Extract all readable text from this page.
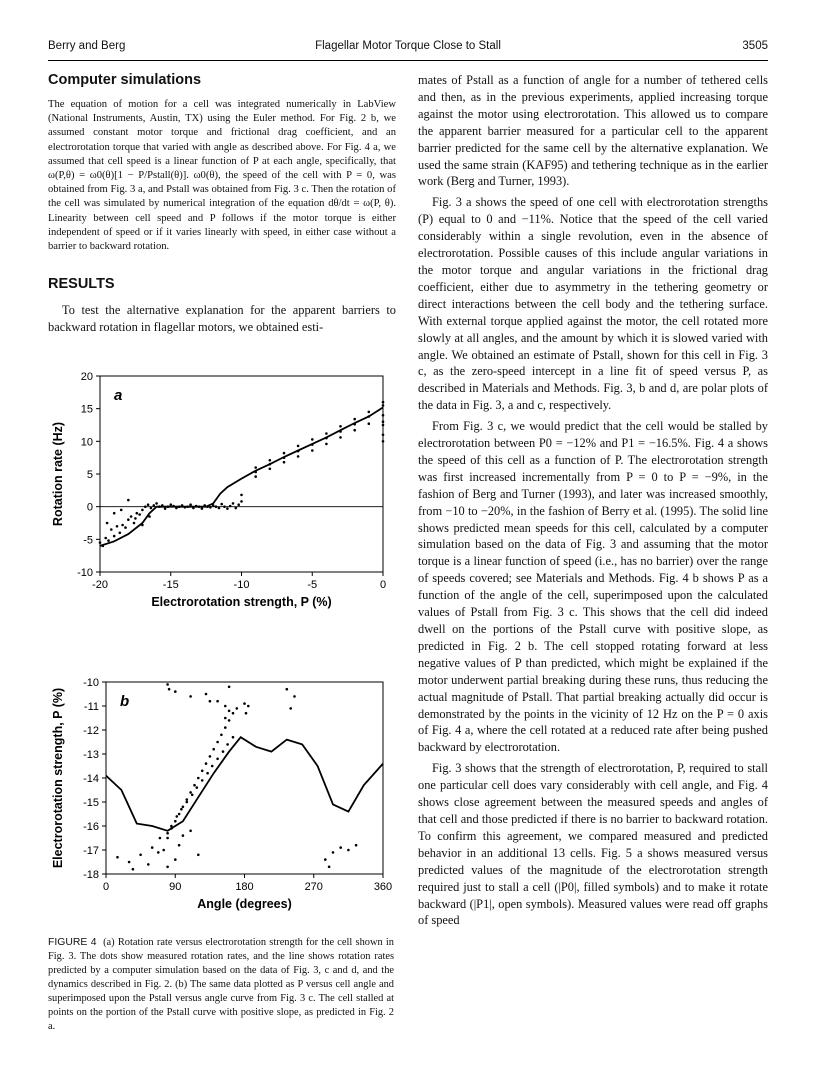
Berry and Berg	Flagellar Motor Torque Close to Stall	3505
Computer simulations

The equation of motion for a cell was integrated numerically in LabView (National Instruments, Austin, TX) using the Euler method. For Fig. 2 b, we assumed constant motor torque and frictional drag coefficient, and an electrorotation torque that varied with angle as described above. For Fig. 4 a, we assumed that cell speed is a linear function of P at each angle, specifically, that ω(P,θ) = ω0(θ)[1 − P/Pstall(θ)]. ω0(θ), the speed of the cell with P = 0, was obtained from Fig. 3 a, and Pstall was obtained from Fig. 3 c. Then the rotation of the cell was simulated by numerical integration of the equation dθ/dt = ω(P, θ). Linearity between cell speed and P follows if the motor torque is either independent of speed or if it varies linearly with speed, in either case without a barrier to backward rotation.

RESULTS

To test the alternative explanation for the apparent barriers to backward rotation in flagellar motors, we obtained esti-

-20	-15	-10	-5	0
-10
-5
0
5
10
15
20
Electrorotation strength, P (%)
Rotation rate (Hz)
a
0	90	180	270	360
-10
-11
-12
-13
-14
-15
-16
-17
-18
Angle (degrees)
Electrorotation strength, P (%)	b

FIGURE 4 (a) Rotation rate versus electrorotation strength for the cell shown in Fig. 3. The dots show measured rotation rates, and the line shows rotation rates predicted by a computer simulation based on the data of Fig. 3, c and d, and the dynamics described in Fig. 2. (b) The same data plotted as P versus cell angle and superimposed upon the Pstall versus angle curve from Fig. 3 c. The cell stalled at points on the portion of the Pstall curve with positive slope, as predicted in Fig. 2 a.

mates of Pstall as a function of angle for a number of tethered cells and then, as in the previous experiments, applied increasing torque against the motor using electrorotation. This allowed us to compare the apparent barrier measured for a particular cell to the apparent barrier predicted for the same cell by the alternative explanation. We used the same strain (KAF95) and tethering technique as in the earlier work (Berg and Turner, 1993).

Fig. 3 a shows the speed of one cell with electrorotation strengths (P) equal to 0 and −11%. Notice that the speed of the cell varied considerably within a single revolution, even in the absence of electrorotation. Possible causes of this include angular variations in the motor torque and angular variations in the frictional drag coefficient, either due to asymmetry in the tethering geometry or direct interactions between the cell body and the tethering surface. With external torque applied against the motor, the cell rotated more slowly at all angles, and the amount by which it is slowed varied with angle. We obtained an estimate of Pstall, shown for this cell in Fig. 3 c, as the zero-speed intercept in a line fit of speed versus P, as described in Materials and Methods. Fig. 3, b and d, are polar plots of the data in Fig. 3, a and c, respectively.

From Fig. 3 c, we would predict that the cell would be stalled by electrorotation between P0 = −12% and P1 = −16.5%. Fig. 4 a shows the speed of this cell as a function of P. The electrorotation strength was first increased incrementally from P = 0 to P = −9%, in the fashion of Berg and Turner (1993), and later was increased smoothly, from −10 to −20%, in the fashion of Berry et al. (1995). The solid line shows predicted mean speeds for this cell, calculated by a computer simulation based on the data of Fig. 3 and assuming that the motor torque is a linear function of speed (i.e., has no barrier) over the range of speeds covered; see Materials and Methods. Fig. 4 b shows P as a function of the angle of the cell, superimposed upon the calculated values of Pstall from Fig. 3 c. This shows that the cell did indeed dwell on the portions of the Pstall curve with positive slope, as predicted in Fig. 2 b. The cell stopped rotating forward at less negative values of P than predicted, which might be explained if the motor underwent partial breaking during these runs, thus reducing the actual magnitude of Pstall. That partial breaking actually did occur is demonstrated by the points in the vicinity of 12 Hz on the P = 0 axis of Fig. 4 a, where the cell rotated at a reduced rate after being pushed backward by electrorotation.

Fig. 3 shows that the strength of electrorotation, P, required to stall one particular cell does vary considerably with cell angle, and Fig. 4 shows close agreement between the measured speeds and angles of that cell and those predicted if there is no barrier to backward rotation. To confirm this agreement, we compared measured and predicted behavior in an additional 13 cells. Fig. 5 a shows measured versus predicted values of the magnitude of the electrorotation strength required just to stall a cell (|P0|, filled symbols) and to make it rotate backward (|P1|, open symbols). Measured values were read off graphs of speed
